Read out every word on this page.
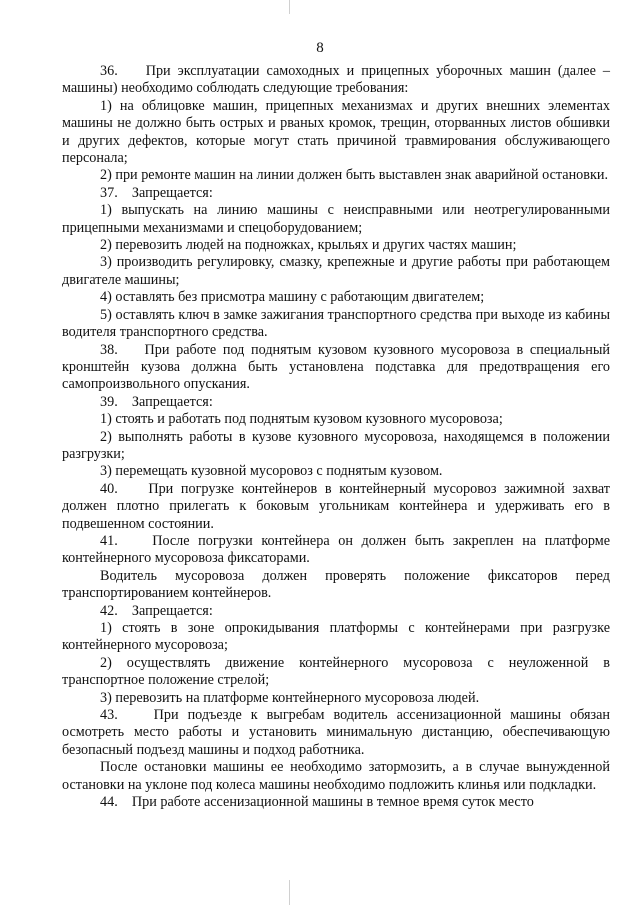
8

36.    При эксплуатации самоходных и прицепных уборочных машин (далее – машины) необходимо соблюдать следующие требования:

1) на облицовке машин, прицепных механизмах и других внешних элементах машины не должно быть острых и рваных кромок, трещин, оторванных листов обшивки и других дефектов, которые могут стать причиной травмирования обслуживающего персонала;

2) при ремонте машин на линии должен быть выставлен знак аварийной остановки.

37.    Запрещается:

1) выпускать на линию машины с неисправными или неотрегулированными прицепными механизмами и спецоборудованием;

2) перевозить людей на подножках, крыльях и других частях машин;

3) производить регулировку, смазку, крепежные и другие работы при работающем двигателе машины;

4) оставлять без присмотра машину с работающим двигателем;

5) оставлять ключ в замке зажигания транспортного средства при выходе из кабины водителя транспортного средства.

38.    При работе под поднятым кузовом кузовного мусоровоза в специальный кронштейн кузова должна быть установлена подставка для предотвращения его самопроизвольного опускания.

39.    Запрещается:

1) стоять и работать под поднятым кузовом кузовного мусоровоза;

2) выполнять работы в кузове кузовного мусоровоза, находящемся в положении разгрузки;

3) перемещать кузовной мусоровоз с поднятым кузовом.

40.    При погрузке контейнеров в контейнерный мусоровоз зажимной захват должен плотно прилегать к боковым угольникам контейнера и удерживать его в подвешенном состоянии.

41.    После погрузки контейнера он должен быть закреплен на платформе контейнерного мусоровоза фиксаторами.

Водитель мусоровоза должен проверять положение фиксаторов перед транспортированием контейнеров.

42.    Запрещается:

1) стоять в зоне опрокидывания платформы с контейнерами при разгрузке контейнерного мусоровоза;

2) осуществлять движение контейнерного мусоровоза с неуложенной в транспортное положение стрелой;

3) перевозить на платформе контейнерного мусоровоза людей.

43.    При подъезде к выгребам водитель ассенизационной машины обязан осмотреть место работы и установить минимальную дистанцию, обеспечивающую безопасный подъезд машины и подход работника.

После остановки машины ее необходимо затормозить, а в случае вынужденной остановки на уклоне под колеса машины необходимо подложить клинья или подкладки.

44.    При работе ассенизационной машины в темное время суток место
